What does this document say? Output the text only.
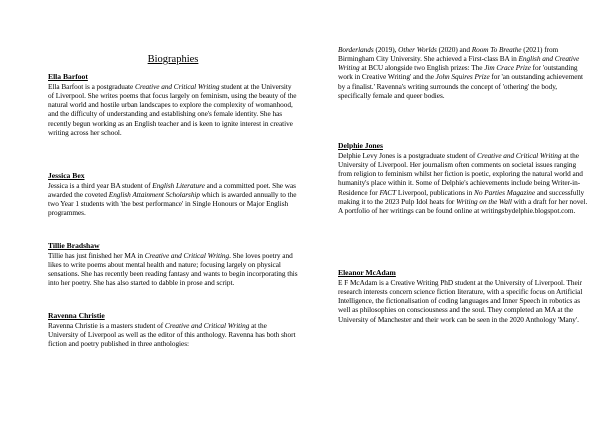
Biographies
Ella Barfoot

Ella Barfoot is a postgraduate Creative and Critical Writing student at the University of Liverpool. She writes poems that focus largely on feminism, using the beauty of the natural world and hostile urban landscapes to explore the complexity of womanhood, and the difficulty of understanding and establishing one's female identity. She has recently begun working as an English teacher and is keen to ignite interest in creative writing across her school.

Jessica Bex

Jessica is a third year BA student of English Literature and a committed poet. She was awarded the coveted English Attainment Scholarship which is awarded annually to the two Year 1 students with 'the best performance' in Single Honours or Major English programmes.

Tillie Bradshaw

Tillie has just finished her MA in Creative and Critical Writing. She loves poetry and likes to write poems about mental health and nature; focusing largely on physical sensations. She has recently been reading fantasy and wants to begin incorporating this into her poetry. She has also started to dabble in prose and script.

Ravenna Christie

Ravenna Christie is a masters student of Creative and Critical Writing at the University of Liverpool as well as the editor of this anthology. Ravenna has both short fiction and poetry published in three anthologies:

Borderlands (2019), Other Worlds (2020) and Room To Breathe (2021) from Birmingham City University. She achieved a First-class BA in English and Creative Writing at BCU alongside two English prizes: The Jim Crace Prize for 'outstanding work in Creative Writing' and the John Squires Prize for 'an outstanding achievement by a finalist.' Ravenna's writing surrounds the concept of 'othering' the body, specifically female and queer bodies.

Delphie Jones

Delphie Levy Jones is a postgraduate student of Creative and Critical Writing at the University of Liverpool. Her journalism often comments on societal issues ranging from religion to feminism whilst her fiction is poetic, exploring the natural world and humanity's place within it. Some of Delphie's achievements include being Writer-in-Residence for FACT Liverpool, publications in No Parties Magazine and successfully making it to the 2023 Pulp Idol heats for Writing on the Wall with a draft for her novel. A portfolio of her writings can be found online at writingsbydelphie.blogspot.com.

Eleanor McAdam

E F McAdam is a Creative Writing PhD student at the University of Liverpool. Their research interests concern science fiction literature, with a specific focus on Artificial Intelligence, the fictionalisation of coding languages and Inner Speech in robotics as well as philosophies on consciousness and the soul. They completed an MA at the University of Manchester and their work can be seen in the 2020 Anthology 'Many'.
